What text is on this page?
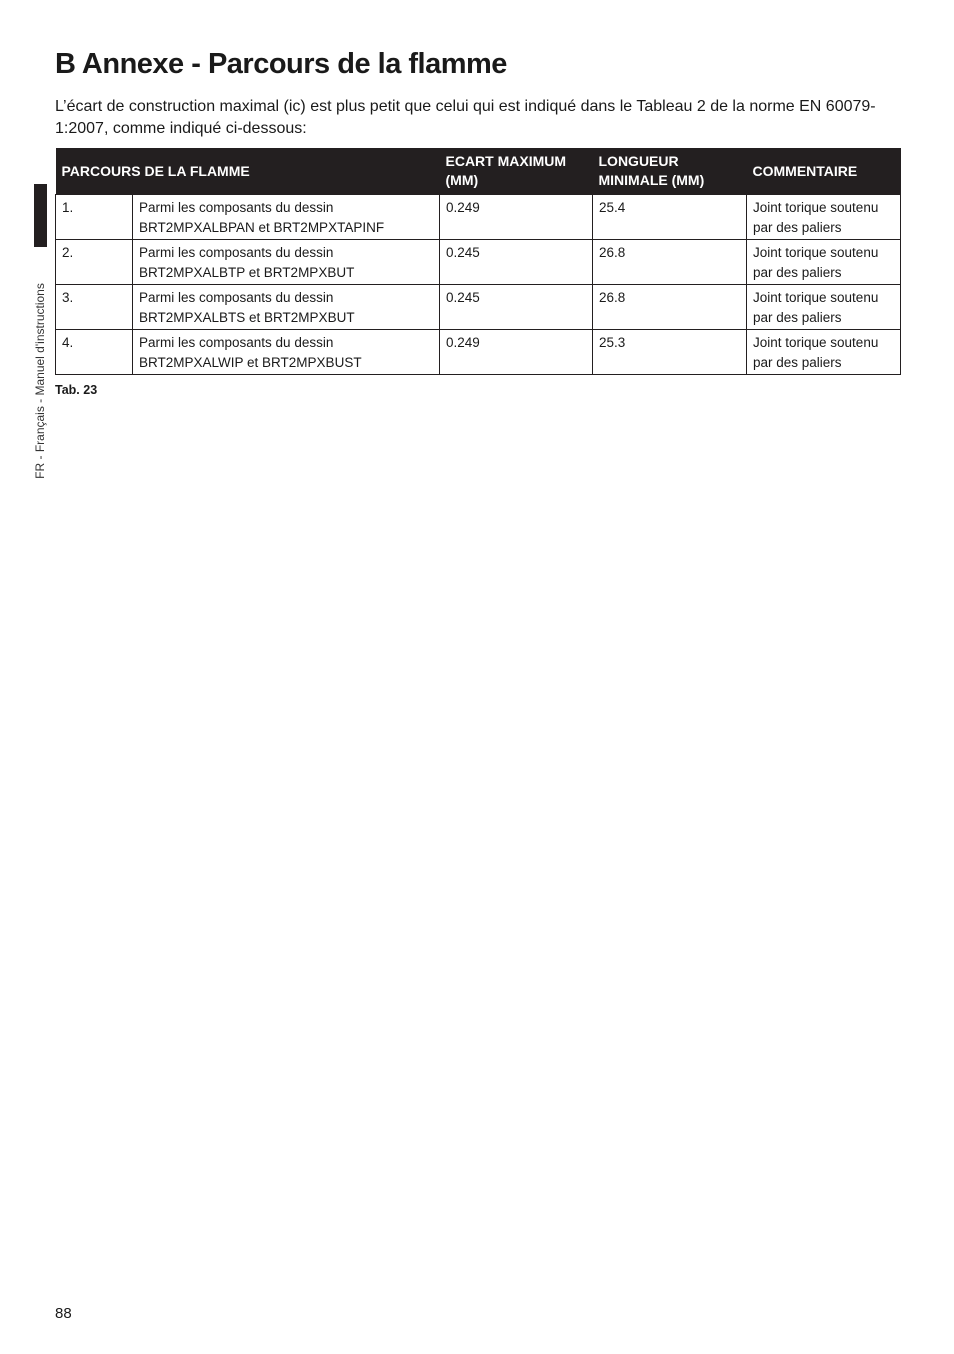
FR - Français - Manuel d'instructions
B Annexe - Parcours de la flamme

L’écart de construction maximal (ic) est plus petit que celui qui est indiqué dans le Tableau 2 de la norme EN 60079-1:2007, comme indiqué ci-dessous:

PARCOURS DE LA FLAMME		ECART MAXIMUM (MM)	LONGUEUR MINIMALE (MM)	COMMENTAIRE
1.	Parmi les composants du dessin BRT2MPXALBPAN et BRT2MPXTAPINF	0.249	25.4	Joint torique soutenu par des paliers
2.	Parmi les composants du dessin BRT2MPXALBTP et BRT2MPXBUT	0.245	26.8	Joint torique soutenu par des paliers
3.	Parmi les composants du dessin BRT2MPXALBTS et BRT2MPXBUT	0.245	26.8	Joint torique soutenu par des paliers
4.	Parmi les composants du dessin BRT2MPXALWIP et BRT2MPXBUST	0.249	25.3	Joint torique soutenu par des paliers
Tab. 23
88
